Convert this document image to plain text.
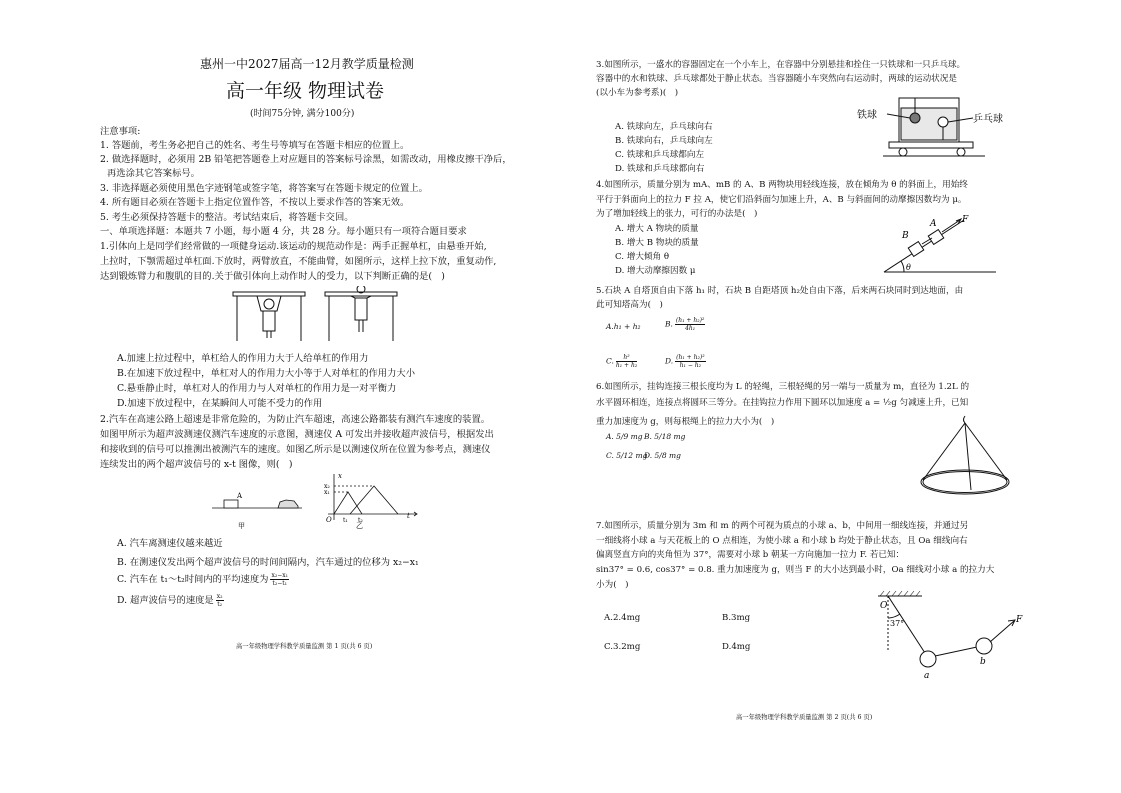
惠州一中2027届高一12月教学质量检测
高一年级 物理试卷
(时间75分钟, 满分100分)
注意事项:
1. 答题前，考生务必把自己的姓名、考生号等填写在答题卡相应的位置上。
2. 做选择题时，必须用 2B 铅笔把答题卷上对应题目的答案标号涂黑，如需改动，用橡皮擦干净后，
再选涂其它答案标号。
3. 非选择题必须使用黑色字迹钢笔或签字笔，将答案写在答题卡规定的位置上。
4. 所有题目必须在答题卡上指定位置作答，不按以上要求作答的答案无效。
5. 考生必须保持答题卡的整洁。考试结束后，将答题卡交回。
一、单项选择题：本题共 7 小题，每小题 4 分，共 28 分。每小题只有一项符合题目要求
1.引体向上是同学们经常做的一项健身运动.该运动的规范动作是：两手正握单杠，由悬垂开始,
上拉时，下颚需超过单杠面.下放时，两臂放直，不能曲臂，如图所示，这样上拉下放，重复动作,
达到锻炼臂力和腹肌的目的.关于做引体向上动作时人的受力，以下判断正确的是(　)
A.加速上拉过程中，单杠给人的作用力大于人给单杠的作用力
B.在加速下放过程中，单杠对人的作用力大小等于人对单杠的作用力大小
C.悬垂静止时，单杠对人的作用力与人对单杠的作用力是一对平衡力
D.加速下放过程中，在某瞬间人可能不受力的作用
2.汽车在高速公路上超速是非常危险的，为防止汽车超速，高速公路都装有测汽车速度的装置。
如图甲所示为超声波测速仪测汽车速度的示意图，测速仪 A 可发出并接收超声波信号，根据发出
和接收到的信号可以推测出被测汽车的速度。如图乙所示是以测速仪所在位置为参考点，测速仪
连续发出的两个超声波信号的 x-t 图像，则(　)
A
甲	乙
x
t
O
x₁
x₂
t₁ t₂
A. 汽车离测速仪越来越近
B. 在测速仪发出两个超声波信号的时间间隔内，汽车通过的位移为 x₂−x₁
C. 汽车在 t₁～t₂时间内的平均速度为 $\frac{\text{x₂−x₁}}{\text{t₂−t₁}}$
D. 超声波信号的速度是 $\frac{\text{x₂}}{\text{t₂}}$
高一年级物理学科教学质量监测 第 1 页(共 6 页)
3.如图所示，一盛水的容器固定在一个小车上，在容器中分别悬挂和拴住一只铁球和一只乒乓球。
容器中的水和铁球、乒乓球都处于静止状态。当容器随小车突然向右运动时，两球的运动状况是
(以小车为参考系)(　)
铁球	乒乓球
A. 铁球向左，乒乓球向右
B. 铁球向右，乒乓球向左
C. 铁球和乒乓球都向左
D. 铁球和乒乓球都向右
4.如图所示，质量分别为 mA、mB 的 A、B 两物块用轻线连接，放在倾角为 θ 的斜面上，用始终
平行于斜面向上的拉力 F 拉 A，使它们沿斜面匀加速上升，A、B 与斜面间的动摩擦因数均为 μ。
为了增加轻线上的张力，可行的办法是(　)
B
A	F
θ
A. 增大 A 物块的质量
B. 增大 B 物块的质量
C. 增大倾角 θ
D. 增大动摩擦因数 μ
5.石块 A 自塔顶自由下落 h₁ 时，石块 B 自距塔顶 h₂处自由下落，后来两石块同时到达地面，由
此可知塔高为(　)
A.h₁ + h₂	B. $\frac{\text{(h₁ + h₂)²}}{\text{4h₁}}$
C. $\frac{\text{h²}}{\text{h₁ + h₂}}$	D. $\frac{\text{(h₁ + h₂)²}}{\text{h₁ − h₂}}$
6.如图所示，挂钩连接三根长度均为 L 的轻绳，三根轻绳的另一端与一质量为 m，直径为 1.2L 的
水平圆环相连，连接点将圆环三等分。在挂钩拉力作用下圆环以加速度 a = ½g 匀减速上升，已知
重力加速度为 g，则每根绳上的拉力大小为(　)
A. 5/9 mg B. 5/18 mg
C. 5/12 mg
D. 5/8 mg
7.如图所示，质量分别为 3m 和 m 的两个可视为质点的小球 a、b，中间用一细线连接，并通过另
一细线将小球 a 与天花板上的 O 点相连，为使小球 a 和小球 b 均处于静止状态，且 Oa 细线向右
偏离竖直方向的夹角恒为 37°，需要对小球 b 朝某一方向施加一拉力 F. 若已知：
sin37° = 0.6, cos37° = 0.8. 重力加速度为 g，则当 F 的大小达到最小时，Oa 细线对小球 a 的拉力大
小为(　)
A.2.4mg	B.3mg
C.3.2mg	D.4mg
O
37°
a
b
F
高一年级物理学科教学质量监测 第 2 页(共 6 页)
